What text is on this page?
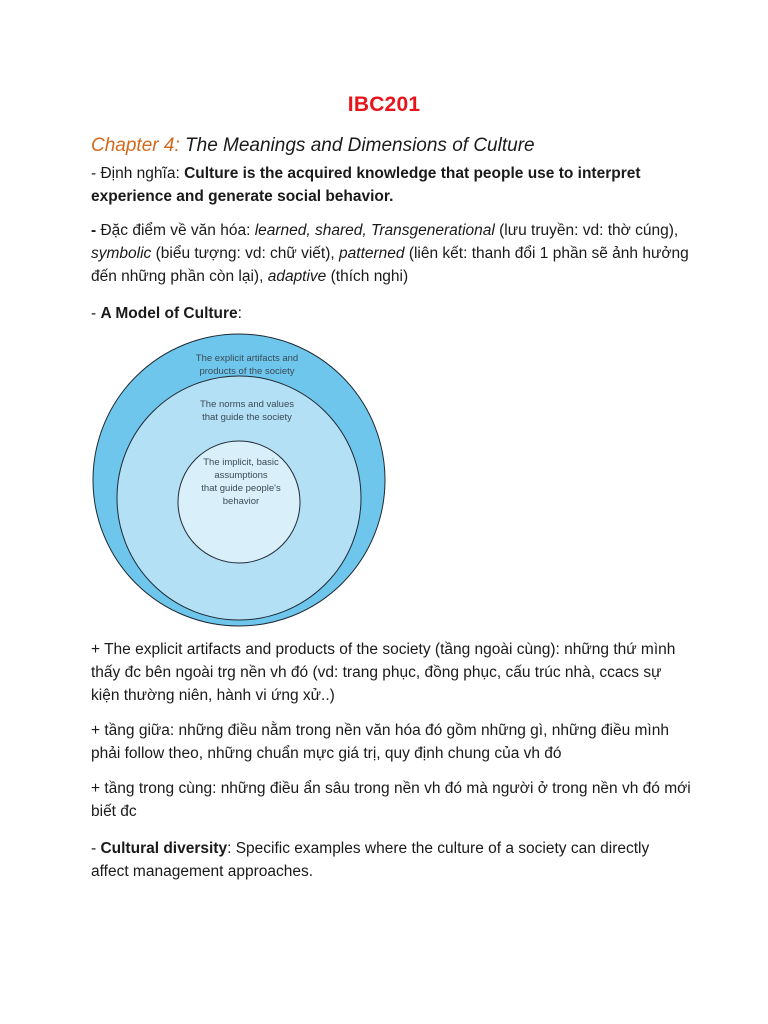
IBC201
Chapter 4: The Meanings and Dimensions of Culture
- Định nghĩa: Culture is the acquired knowledge that people use to interpret experience and generate social behavior.
- Đặc điểm về văn hóa: learned, shared, Transgenerational (lưu truyền: vd: thờ cúng), symbolic (biểu tượng: vd: chữ viết), patterned (liên kết: thanh đổi 1 phần sẽ ảnh hưởng đến những phần còn lại), adaptive (thích nghi)
- A Model of Culture:
The explicit artifacts and
products of the society
The norms and values
that guide the society
The implicit, basic
assumptions
that guide people's
behavior
+ The explicit artifacts and products of the society (tầng ngoài cùng): những thứ mình thấy đc bên ngoài trg nền vh đó (vd: trang phục, đồng phục, cấu trúc nhà, ccacs sự kiện thường niên, hành vi ứng xử..)
+ tầng giữa: những điều nằm trong nền văn hóa đó gồm những gì, những điều mình phải follow theo, những chuẩn mực giá trị, quy định chung của vh đó
+ tầng trong cùng: những điều ẩn sâu trong nền vh đó mà người ở trong nền vh đó mới biết đc
- Cultural diversity: Specific examples where the culture of a society can directly affect management approaches.
